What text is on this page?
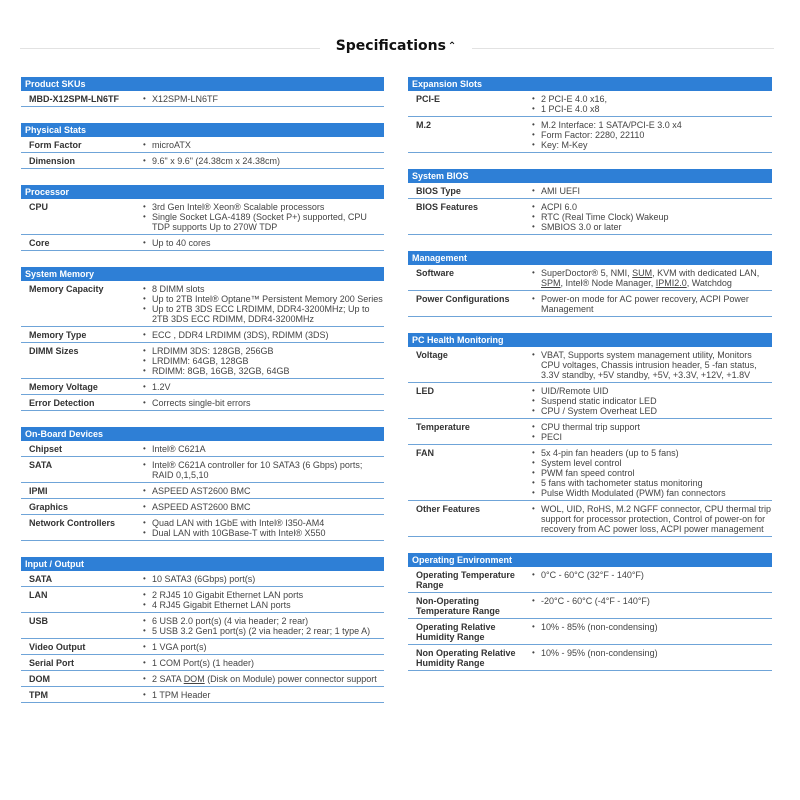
Specifications ⌃
Product SKUs
MBD-X12SPM-LN6TF	• X12SPM-LN6TF
Physical Stats
Form Factor	• microATX
Dimension	• 9.6" x 9.6" (24.38cm x 24.38cm)
Processor
CPU	• 3rd Gen Intel® Xeon® Scalable processors
• Single Socket LGA-4189 (Socket P+) supported, CPU TDP supports Up to 270W TDP
Core	• Up to 40 cores
System Memory
Memory Capacity	• 8 DIMM slots
• Up to 2TB Intel® Optane™ Persistent Memory 200 Series
• Up to 2TB 3DS ECC LRDIMM, DDR4-3200MHz; Up to 2TB 3DS ECC RDIMM, DDR4-3200MHz
Memory Type	• ECC , DDR4 LRDIMM (3DS), RDIMM (3DS)
DIMM Sizes	• LRDIMM 3DS: 128GB, 256GB
• LRDIMM: 64GB, 128GB
• RDIMM: 8GB, 16GB, 32GB, 64GB
Memory Voltage	• 1.2V
Error Detection	• Corrects single-bit errors
On-Board Devices
Chipset	• Intel® C621A
SATA	• Intel® C621A controller for 10 SATA3 (6 Gbps) ports; RAID 0,1,5,10
IPMI	• ASPEED AST2600 BMC
Graphics	• ASPEED AST2600 BMC
Network Controllers	• Quad LAN with 1GbE with Intel® I350-AM4
• Dual LAN with 10GBase-T with Intel® X550
Input / Output
SATA	• 10 SATA3 (6Gbps) port(s)
LAN	• 2 RJ45 10 Gigabit Ethernet LAN ports
• 4 RJ45 Gigabit Ethernet LAN ports
USB	• 6 USB 2.0 port(s) (4 via header; 2 rear)
• 5 USB 3.2 Gen1 port(s) (2 via header; 2 rear; 1 type A)
Video Output	• 1 VGA port(s)
Serial Port	• 1 COM Port(s) (1 header)
DOM	• 2 SATA DOM (Disk on Module) power connector support
TPM	• 1 TPM Header
Expansion Slots
PCI-E	• 2 PCI-E 4.0 x16,
• 1 PCI-E 4.0 x8
M.2	• M.2 Interface: 1 SATA/PCI-E 3.0 x4
• Form Factor: 2280, 22110
• Key: M-Key
System BIOS
BIOS Type	• AMI UEFI
BIOS Features	• ACPI 6.0
• RTC (Real Time Clock) Wakeup
• SMBIOS 3.0 or later
Management
Software	• SuperDoctor® 5, NMI, SUM, KVM with dedicated LAN, SPM, Intel® Node Manager, IPMI2.0, Watchdog
Power Configurations	• Power-on mode for AC power recovery, ACPI Power Management
PC Health Monitoring
Voltage	• VBAT, Supports system management utility, Monitors CPU voltages, Chassis intrusion header, 5 -fan status, 3.3V standby, +5V standby, +5V, +3.3V, +12V, +1.8V
LED	• UID/Remote UID
• Suspend static indicator LED
• CPU / System Overheat LED
Temperature	• CPU thermal trip support
• PECI
FAN	• 5x 4-pin fan headers (up to 5 fans)
• System level control
• PWM fan speed control
• 5 fans with tachometer status monitoring
• Pulse Width Modulated (PWM) fan connectors
Other Features	• WOL, UID, RoHS, M.2 NGFF connector, CPU thermal trip support for processor protection, Control of power-on for recovery from AC power loss, ACPI power management
Operating Environment
Operating Temperature Range
• 0°C - 60°C (32°F - 140°F)
Non-Operating Temperature Range
• -20°C - 60°C (-4°F - 140°F)
Operating Relative Humidity Range
• 10% - 85% (non-condensing)
Non Operating Relative Humidity Range
• 10% - 95% (non-condensing)
